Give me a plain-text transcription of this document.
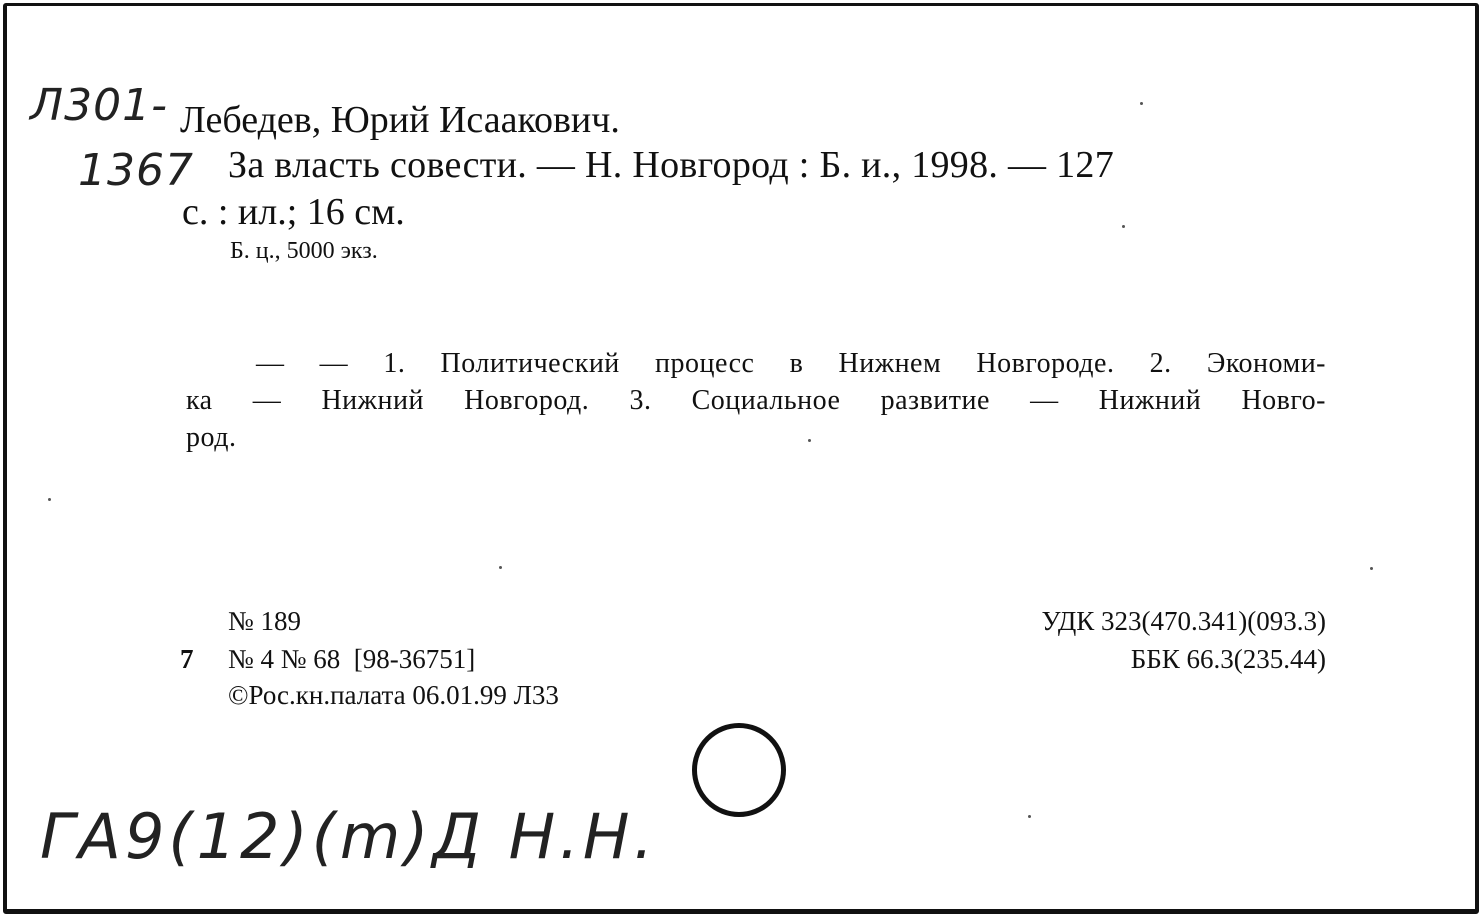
Л301-
1367
Лебедев, Юрий Исаакович.
За власть совести. — Н. Новгород : Б. и., 1998. — 127
с. : ил.; 16 см.
Б. ц., 5000 экз.
— — 1. Политический процесс в Нижнем Новгороде. 2. Экономи-
ка — Нижний Новгород. 3. Социальное развитие — Нижний Новго-
род.
№ 189
7 № 4 № 68  [98-36751]
©Рос.кн.палата 06.01.99 Л33
УДК 323(470.341)(093.3)
ББК 66.3(235.44)
ГА9(12)(m)Д H.H.
